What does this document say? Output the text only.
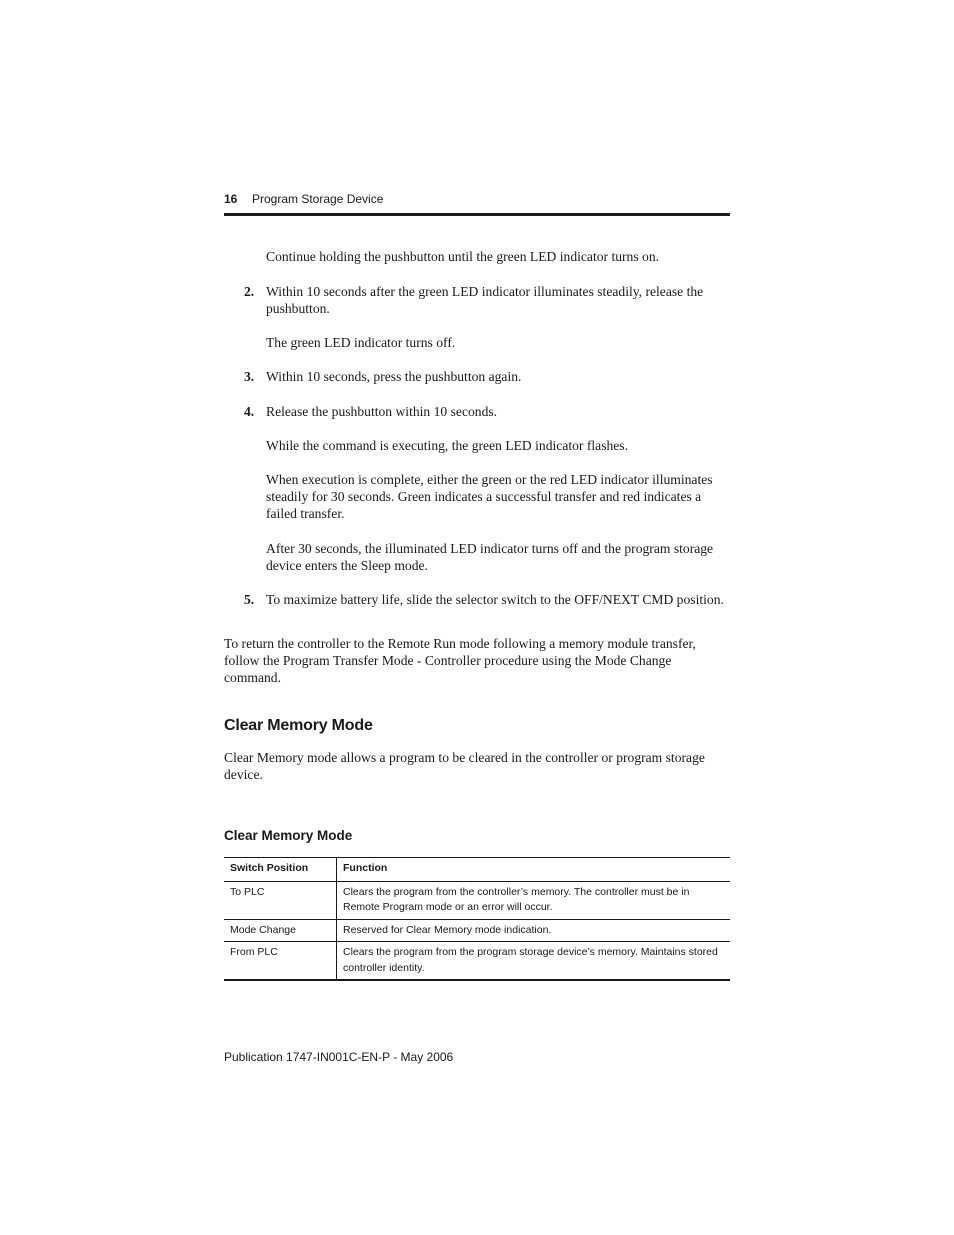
16 Program Storage Device
Continue holding the pushbutton until the green LED indicator turns on.
2. Within 10 seconds after the green LED indicator illuminates steadily, release the pushbutton.
The green LED indicator turns off.
3. Within 10 seconds, press the pushbutton again.
4. Release the pushbutton within 10 seconds.
While the command is executing, the green LED indicator flashes.
When execution is complete, either the green or the red LED indicator illuminates steadily for 30 seconds. Green indicates a successful transfer and red indicates a failed transfer.
After 30 seconds, the illuminated LED indicator turns off and the program storage device enters the Sleep mode.
5. To maximize battery life, slide the selector switch to the OFF/NEXT CMD position.
To return the controller to the Remote Run mode following a memory module transfer, follow the Program Transfer Mode - Controller procedure using the Mode Change command.
Clear Memory Mode
Clear Memory mode allows a program to be cleared in the controller or program storage device.
Clear Memory Mode
Switch Position	Function
To PLC	Clears the program from the controller’s memory. The controller must be in Remote Program mode or an error will occur.
Mode Change	Reserved for Clear Memory mode indication.
From PLC	Clears the program from the program storage device’s memory. Maintains stored controller identity.
Publication 1747-IN001C-EN-P - May 2006
